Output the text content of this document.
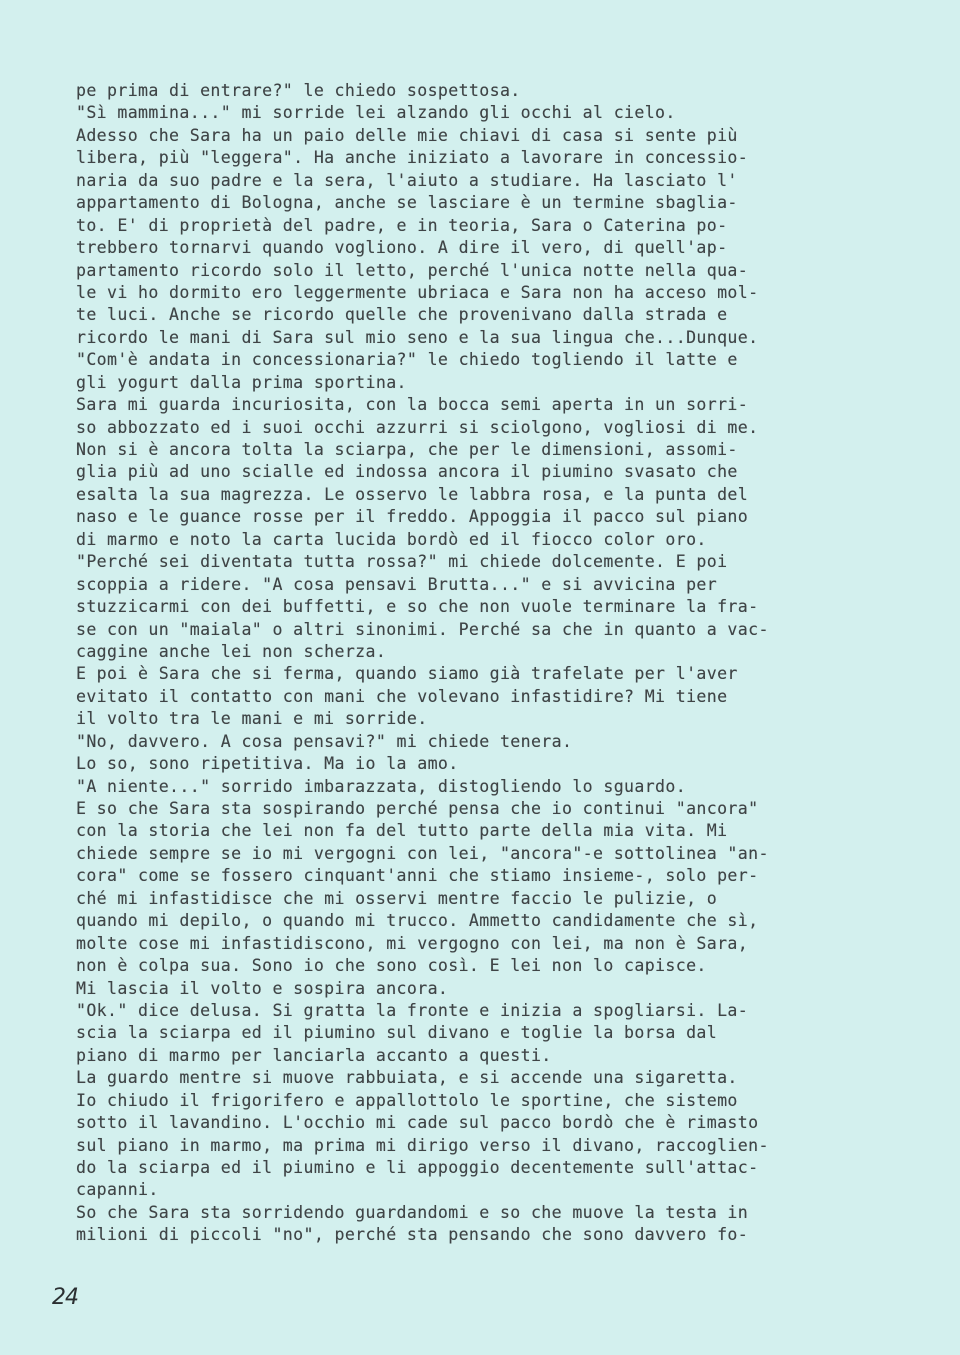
pe prima di entrare?" le chiedo sospettosa.
"Sì mammina..." mi sorride lei alzando gli occhi al cielo.
Adesso che Sara ha un paio delle mie chiavi di casa si sente più
libera, più "leggera". Ha anche iniziato a lavorare in concessio-
naria da suo padre e la sera, l'aiuto a studiare. Ha lasciato l'
appartamento di Bologna, anche se lasciare è un termine sbaglia-
to. E' di proprietà del padre, e in teoria, Sara o Caterina po-
trebbero tornarvi quando vogliono. A dire il vero, di quell'ap-
partamento ricordo solo il letto, perché l'unica notte nella qua-
le vi ho dormito ero leggermente ubriaca e Sara non ha acceso mol-
te luci. Anche se ricordo quelle che provenivano dalla strada e
ricordo le mani di Sara sul mio seno e la sua lingua che...Dunque.
"Com'è andata in concessionaria?" le chiedo togliendo il latte e
gli yogurt dalla prima sportina.
Sara mi guarda incuriosita, con la bocca semi aperta in un sorri-
so abbozzato ed i suoi occhi azzurri si sciolgono, vogliosi di me.
Non si è ancora tolta la sciarpa, che per le dimensioni, assomi-
glia più ad uno scialle ed indossa ancora il piumino svasato che
esalta la sua magrezza. Le osservo le labbra rosa, e la punta del
naso e le guance rosse per il freddo. Appoggia il pacco sul piano
di marmo e noto la carta lucida bordò ed il fiocco color oro.
"Perché sei diventata tutta rossa?" mi chiede dolcemente. E poi
scoppia a ridere. "A cosa pensavi Brutta..." e si avvicina per
stuzzicarmi con dei buffetti, e so che non vuole terminare la fra-
se con un "maiala" o altri sinonimi. Perché sa che in quanto a vac-
caggine anche lei non scherza.
E poi è Sara che si ferma, quando siamo già trafelate per l'aver
evitato il contatto con mani che volevano infastidire? Mi tiene
il volto tra le mani e mi sorride.
"No, davvero. A cosa pensavi?" mi chiede tenera.
Lo so, sono ripetitiva. Ma io la amo.
"A niente..." sorrido imbarazzata, distogliendo lo sguardo.
E so che Sara sta sospirando perché pensa che io continui "ancora"
con la storia che lei non fa del tutto parte della mia vita. Mi
chiede sempre se io mi vergogni con lei, "ancora"-e sottolinea "an-
cora" come se fossero cinquant'anni che stiamo insieme-, solo per-
ché mi infastidisce che mi osservi mentre faccio le pulizie, o
quando mi depilo, o quando mi trucco. Ammetto candidamente che sì,
molte cose mi infastidiscono, mi vergogno con lei, ma non è Sara,
non è colpa sua. Sono io che sono così. E lei non lo capisce.
Mi lascia il volto e sospira ancora.
"Ok." dice delusa. Si gratta la fronte e inizia a spogliarsi. La-
scia la sciarpa ed il piumino sul divano e toglie la borsa dal
piano di marmo per lanciarla accanto a questi.
La guardo mentre si muove rabbuiata, e si accende una sigaretta.
Io chiudo il frigorifero e appallottolo le sportine, che sistemo
sotto il lavandino. L'occhio mi cade sul pacco bordò che è rimasto
sul piano in marmo, ma prima mi dirigo verso il divano, raccoglien-
do la sciarpa ed il piumino e li appoggio decentemente sull'attac-
capanni.
So che Sara sta sorridendo guardandomi e so che muove la testa in
milioni di piccoli "no", perché sta pensando che sono davvero fo-
24
